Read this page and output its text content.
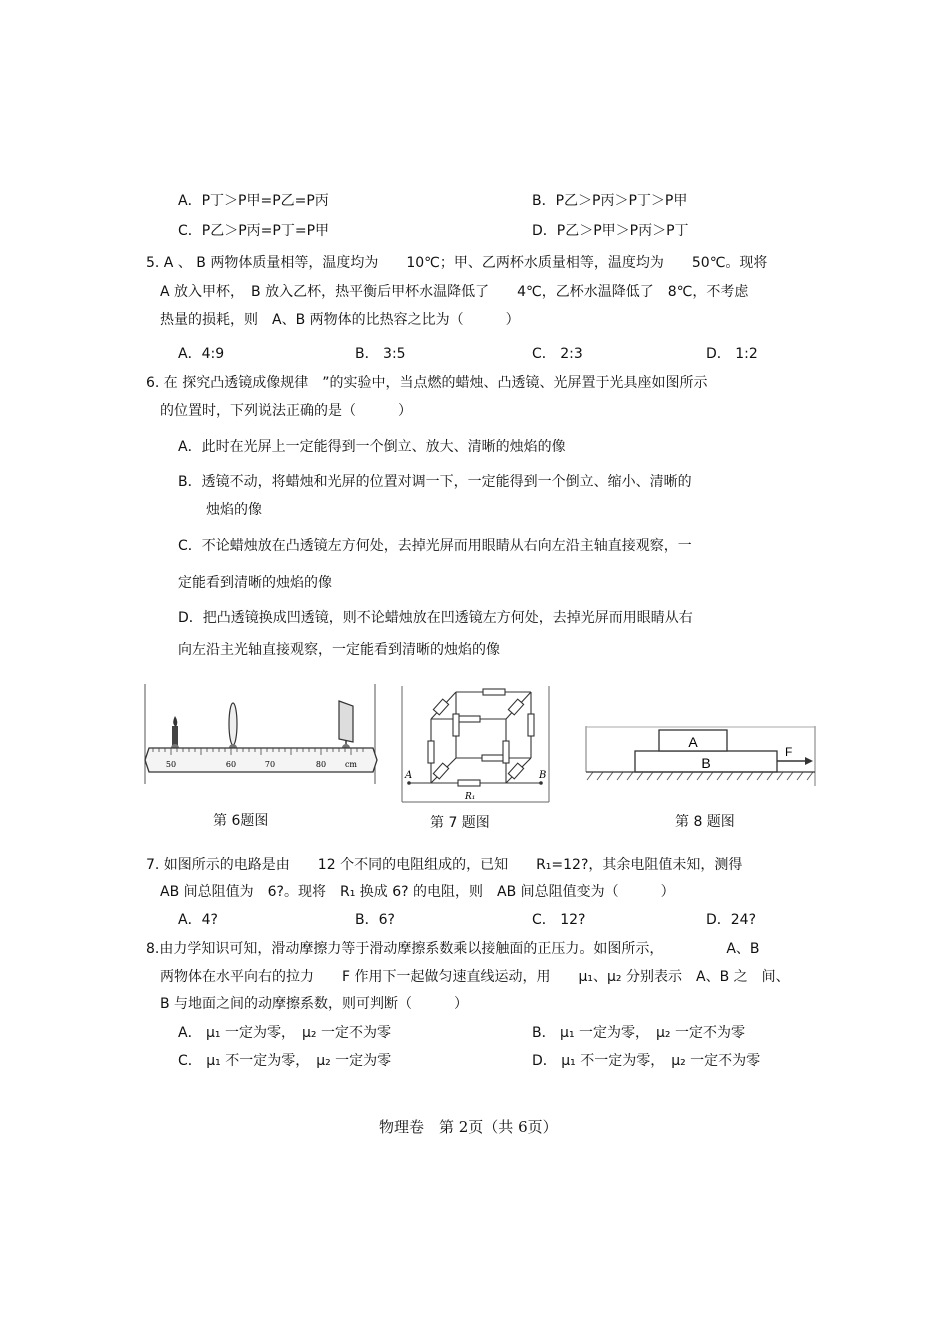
A．P丁＞P甲=P乙=P丙	B．P乙＞P丙＞P丁＞P甲
C．P乙＞P丙=P丁=P甲	D．P乙＞P甲＞P丙＞P丁
5. A 、 B 两物体质量相等，温度均为　　10℃；甲、乙两杯水质量相等，温度均为　　50℃。现将
A 放入甲杯，　B 放入乙杯，热平衡后甲杯水温降低了　　4℃，乙杯水温降低了　8℃，不考虑
热量的损耗，则　A、B 两物体的比热容之比为（　　　）
A．4:9	B． 3:5	C． 2:3	D． 1:2
6. 在 探究凸透镜成像规律　”的实验中，当点燃的蜡烛、凸透镜、光屏置于光具座如图所示
的位置时，下列说法正确的是（　　　）
A．此时在光屏上一定能得到一个倒立、放大、清晰的烛焰的像
B．透镜不动，将蜡烛和光屏的位置对调一下，一定能得到一个倒立、缩小、清晰的
烛焰的像
C．不论蜡烛放在凸透镜左方何处，去掉光屏而用眼睛从右向左沿主轴直接观察，一
定能看到清晰的烛焰的像
D．把凸透镜换成凹透镜，则不论蜡烛放在凹透镜左方何处，去掉光屏而用眼睛从右
向左沿主光轴直接观察，一定能看到清晰的烛焰的像
50	60	70	80 cm
A	B
R₁
A
B
F
第 6题图	第 7 题图	第 8 题图
7. 如图所示的电路是由　　12 个不同的电阻组成的，已知　　R₁=12?，其余电阻值未知，测得
AB 间总阻值为　6?。现将　R₁ 换成 6? 的电阻，则　AB 间总阻值变为（　　　）
A．4?	B．6?	C． 12?	D．24?
8.由力学知识可知，滑动摩擦力等于滑动摩擦系数乘以接触面的正压力。如图所示，　　　　　A、B
两物体在水平向右的拉力　　F 作用下一起做匀速直线运动，用　　μ₁、μ₂ 分别表示　A、B 之　间、
B 与地面之间的动摩擦系数，则可判断（　　　）
A． μ₁ 一定为零，　μ₂ 一定不为零	B． μ₁ 一定为零，　μ₂ 一定不为零
C． μ₁ 不一定为零，　μ₂ 一定为零	D． μ₁ 不一定为零，　μ₂ 一定不为零
物理卷　第 2页（共 6页）
